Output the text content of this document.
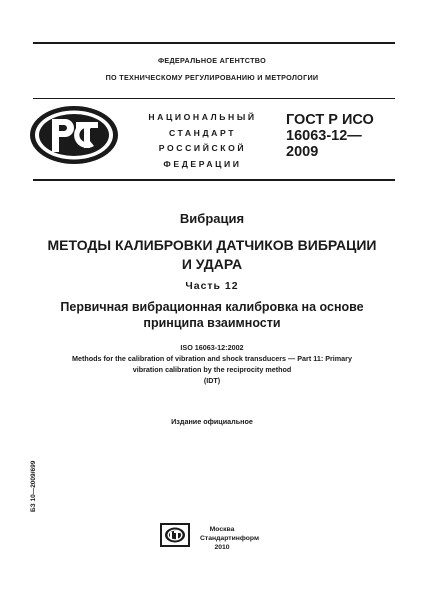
ФЕДЕРАЛЬНОЕ АГЕНТСТВО
ПО ТЕХНИЧЕСКОМУ РЕГУЛИРОВАНИЮ И МЕТРОЛОГИИ
НАЦИОНАЛЬНЫЙ
СТАНДАРТ
РОССИЙСКОЙ
ФЕДЕРАЦИИ
ГОСТ Р ИСО
16063-12—
2009
Вибрация
МЕТОДЫ КАЛИБРОВКИ ДАТЧИКОВ ВИБРАЦИИ
И УДАРА
Часть 12
Первичная вибрационная калибровка на основе
принципа взаимности
ISO 16063-12:2002
Methods for the calibration of vibration and shock transducers — Part 11: Primary
vibration calibration by the reciprocity method
(IDT)
Издание официальное
БЗ 10—2009/699
Москва
Стандартинформ
2010
